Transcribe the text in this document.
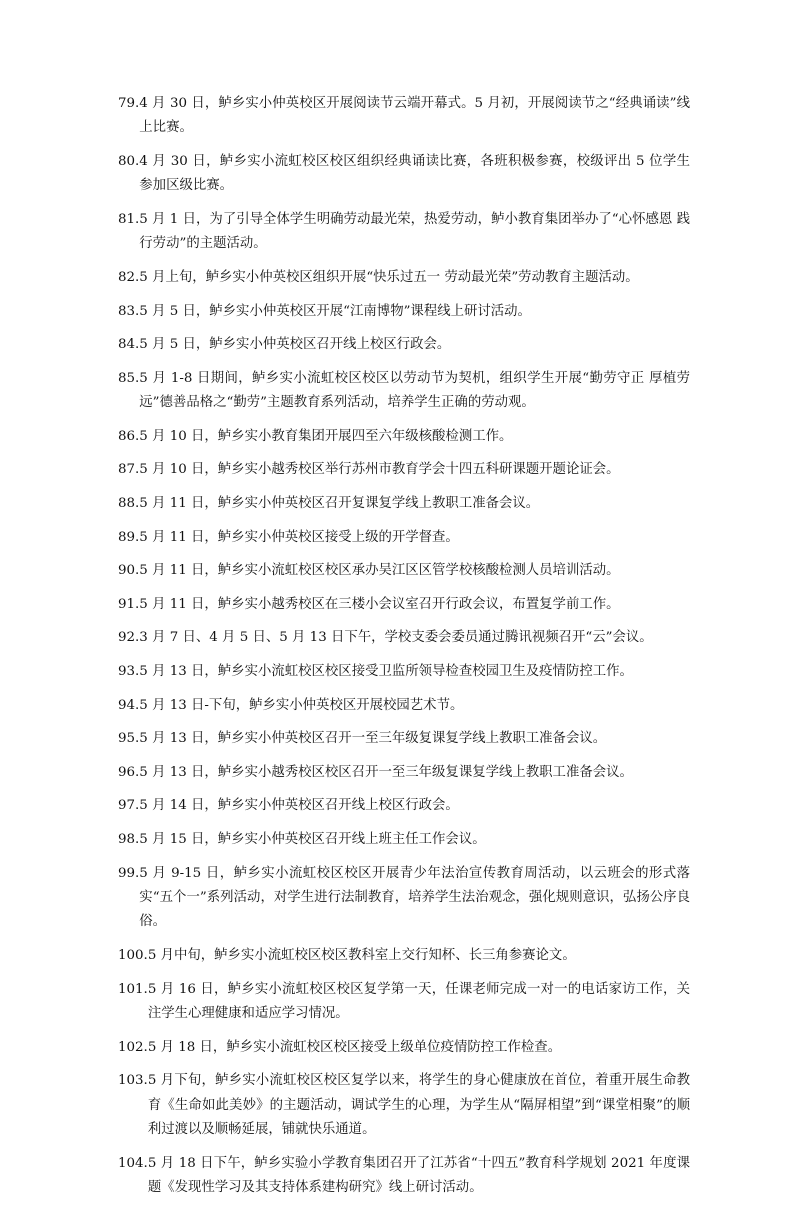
79. 4 月 30 日，鲈乡实小仲英校区开展阅读节云端开幕式。5 月初，开展阅读节之“经典诵读”线上比赛。
80. 4 月 30 日，鲈乡实小流虹校区校区组织经典诵读比赛，各班积极参赛，校级评出 5 位学生参加区级比赛。
81. 5 月 1 日，为了引导全体学生明确劳动最光荣，热爱劳动，鲈小教育集团举办了“心怀感恩 践行劳动”的主题活动。
82. 5 月上旬，鲈乡实小仲英校区组织开展“快乐过五一 劳动最光荣”劳动教育主题活动。
83. 5 月 5 日，鲈乡实小仲英校区开展“江南博物”课程线上研讨活动。
84. 5 月 5 日，鲈乡实小仲英校区召开线上校区行政会。
85. 5 月 1-8 日期间，鲈乡实小流虹校区校区以劳动节为契机，组织学生开展“勤劳守正 厚植劳远”德善品格之“勤劳”主题教育系列活动，培养学生正确的劳动观。
86. 5 月 10 日，鲈乡实小教育集团开展四至六年级核酸检测工作。
87. 5 月 10 日，鲈乡实小越秀校区举行苏州市教育学会十四五科研课题开题论证会。
88. 5 月 11 日，鲈乡实小仲英校区召开复课复学线上教职工准备会议。
89. 5 月 11 日，鲈乡实小仲英校区接受上级的开学督查。
90. 5 月 11 日，鲈乡实小流虹校区校区承办吴江区区管学校核酸检测人员培训活动。
91. 5 月 11 日，鲈乡实小越秀校区在三楼小会议室召开行政会议，布置复学前工作。
92. 3 月 7 日、4 月 5 日、5 月 13 日下午，学校支委会委员通过腾讯视频召开“云”会议。
93. 5 月 13 日，鲈乡实小流虹校区校区接受卫监所领导检查校园卫生及疫情防控工作。
94. 5 月 13 日-下旬，鲈乡实小仲英校区开展校园艺术节。
95. 5 月 13 日，鲈乡实小仲英校区召开一至三年级复课复学线上教职工准备会议。
96. 5 月 13 日，鲈乡实小越秀校区校区召开一至三年级复课复学线上教职工准备会议。
97. 5 月 14 日，鲈乡实小仲英校区召开线上校区行政会。
98. 5 月 15 日，鲈乡实小仲英校区召开线上班主任工作会议。
99. 5 月 9-15 日，鲈乡实小流虹校区校区开展青少年法治宣传教育周活动，以云班会的形式落实“五个一”系列活动，对学生进行法制教育，培养学生法治观念，强化规则意识，弘扬公序良俗。
100. 5 月中旬，鲈乡实小流虹校区校区教科室上交行知杯、长三角参赛论文。
101. 5 月 16 日，鲈乡实小流虹校区校区复学第一天，任课老师完成一对一的电话家访工作，关注学生心理健康和适应学习情况。
102. 5 月 18 日，鲈乡实小流虹校区校区接受上级单位疫情防控工作检查。
103. 5 月下旬，鲈乡实小流虹校区校区复学以来，将学生的身心健康放在首位，着重开展生命教育《生命如此美妙》的主题活动，调试学生的心理，为学生从“隔屏相望”到“课堂相聚”的顺利过渡以及顺畅延展，铺就快乐通道。
104. 5 月 18 日下午，鲈乡实验小学教育集团召开了江苏省“十四五”教育科学规划 2021 年度课题《发现性学习及其支持体系建构研究》线上研讨活动。
